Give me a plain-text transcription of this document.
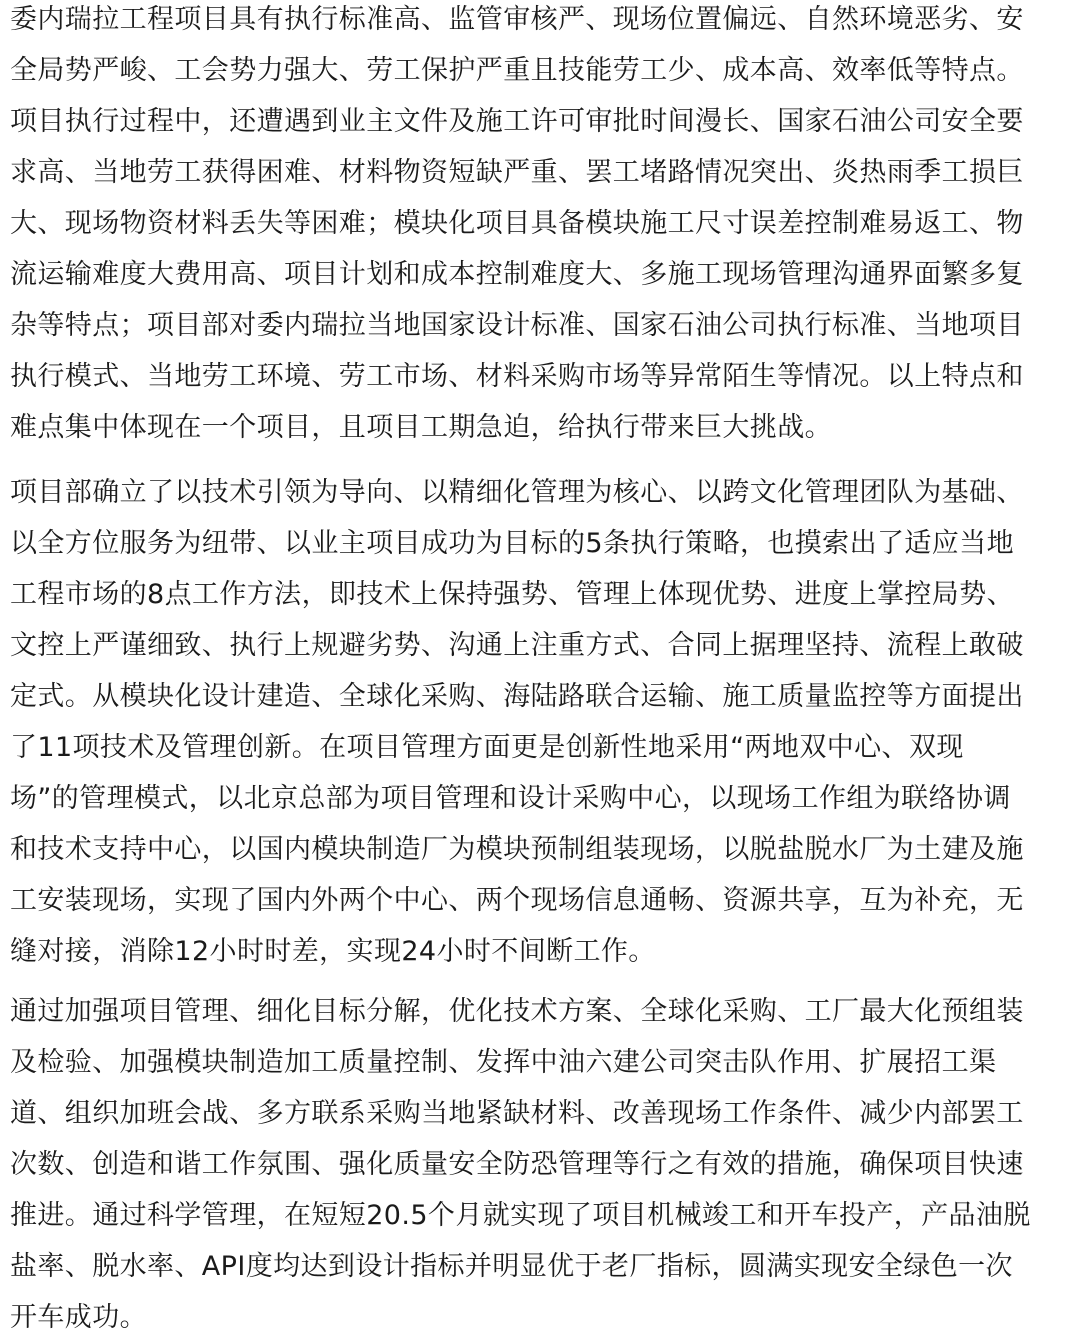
委内瑞拉工程项目具有执行标准高、监管审核严、现场位置偏远、自然环境恶劣、安
全局势严峻、工会势力强大、劳工保护严重且技能劳工少、成本高、效率低等特点。
项目执行过程中，还遭遇到业主文件及施工许可审批时间漫长、国家石油公司安全要
求高、当地劳工获得困难、材料物资短缺严重、罢工堵路情况突出、炎热雨季工损巨
大、现场物资材料丢失等困难；模块化项目具备模块施工尺寸误差控制难易返工、物
流运输难度大费用高、项目计划和成本控制难度大、多施工现场管理沟通界面繁多复
杂等特点；项目部对委内瑞拉当地国家设计标准、国家石油公司执行标准、当地项目
执行模式、当地劳工环境、劳工市场、材料采购市场等异常陌生等情况。以上特点和
难点集中体现在一个项目，且项目工期急迫，给执行带来巨大挑战。
项目部确立了以技术引领为导向、以精细化管理为核心、以跨文化管理团队为基础、
以全方位服务为纽带、以业主项目成功为目标的5条执行策略，也摸索出了适应当地
工程市场的8点工作方法，即技术上保持强势、管理上体现优势、进度上掌控局势、
文控上严谨细致、执行上规避劣势、沟通上注重方式、合同上据理坚持、流程上敢破
定式。从模块化设计建造、全球化采购、海陆路联合运输、施工质量监控等方面提出
了11项技术及管理创新。在项目管理方面更是创新性地采用“两地双中心、双现
场”的管理模式，以北京总部为项目管理和设计采购中心，以现场工作组为联络协调
和技术支持中心，以国内模块制造厂为模块预制组装现场，以脱盐脱水厂为土建及施
工安装现场，实现了国内外两个中心、两个现场信息通畅、资源共享，互为补充，无
缝对接，消除12小时时差，实现24小时不间断工作。
通过加强项目管理、细化目标分解，优化技术方案、全球化采购、工厂最大化预组装
及检验、加强模块制造加工质量控制、发挥中油六建公司突击队作用、扩展招工渠
道、组织加班会战、多方联系采购当地紧缺材料、改善现场工作条件、减少内部罢工
次数、创造和谐工作氛围、强化质量安全防恐管理等行之有效的措施，确保项目快速
推进。通过科学管理，在短短20.5个月就实现了项目机械竣工和开车投产，产品油脱
盐率、脱水率、API度均达到设计指标并明显优于老厂指标，圆满实现安全绿色一次
开车成功。
